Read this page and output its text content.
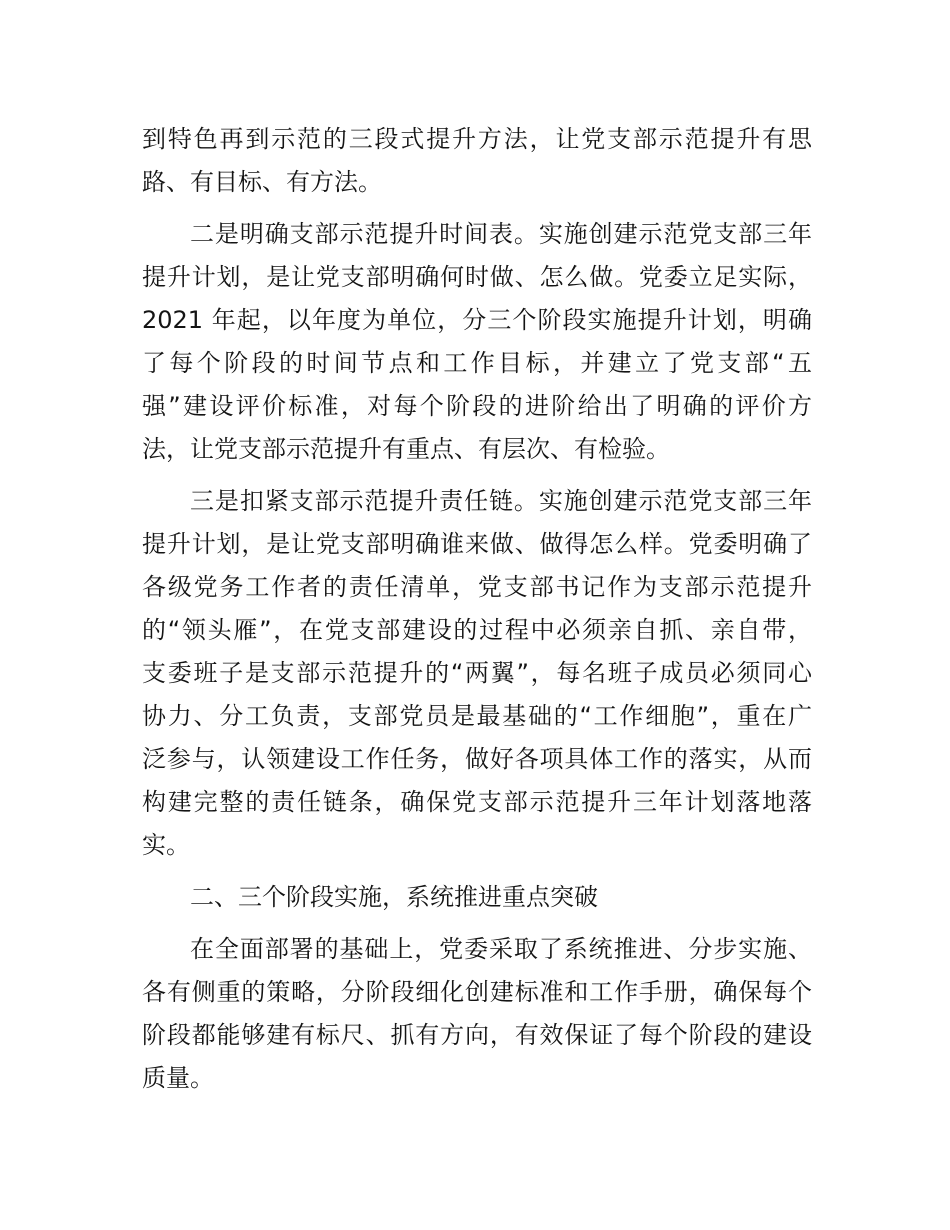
到特色再到示范的三段式提升方法，让党支部示范提升有思
路、有目标、有方法。
二是明确支部示范提升时间表。实施创建示范党支部三年
提升计划，是让党支部明确何时做、怎么做。党委立足实际，
2021 年起，以年度为单位，分三个阶段实施提升计划，明确
了每个阶段的时间节点和工作目标，并建立了党支部“五
强”建设评价标准，对每个阶段的进阶给出了明确的评价方
法，让党支部示范提升有重点、有层次、有检验。
三是扣紧支部示范提升责任链。实施创建示范党支部三年
提升计划，是让党支部明确谁来做、做得怎么样。党委明确了
各级党务工作者的责任清单，党支部书记作为支部示范提升
的“领头雁”，在党支部建设的过程中必须亲自抓、亲自带，
支委班子是支部示范提升的“两翼”，每名班子成员必须同心
协力、分工负责，支部党员是最基础的“工作细胞”，重在广
泛参与，认领建设工作任务，做好各项具体工作的落实，从而
构建完整的责任链条，确保党支部示范提升三年计划落地落
实。
二、三个阶段实施，系统推进重点突破
在全面部署的基础上，党委采取了系统推进、分步实施、
各有侧重的策略，分阶段细化创建标准和工作手册，确保每个
阶段都能够建有标尺、抓有方向，有效保证了每个阶段的建设
质量。
